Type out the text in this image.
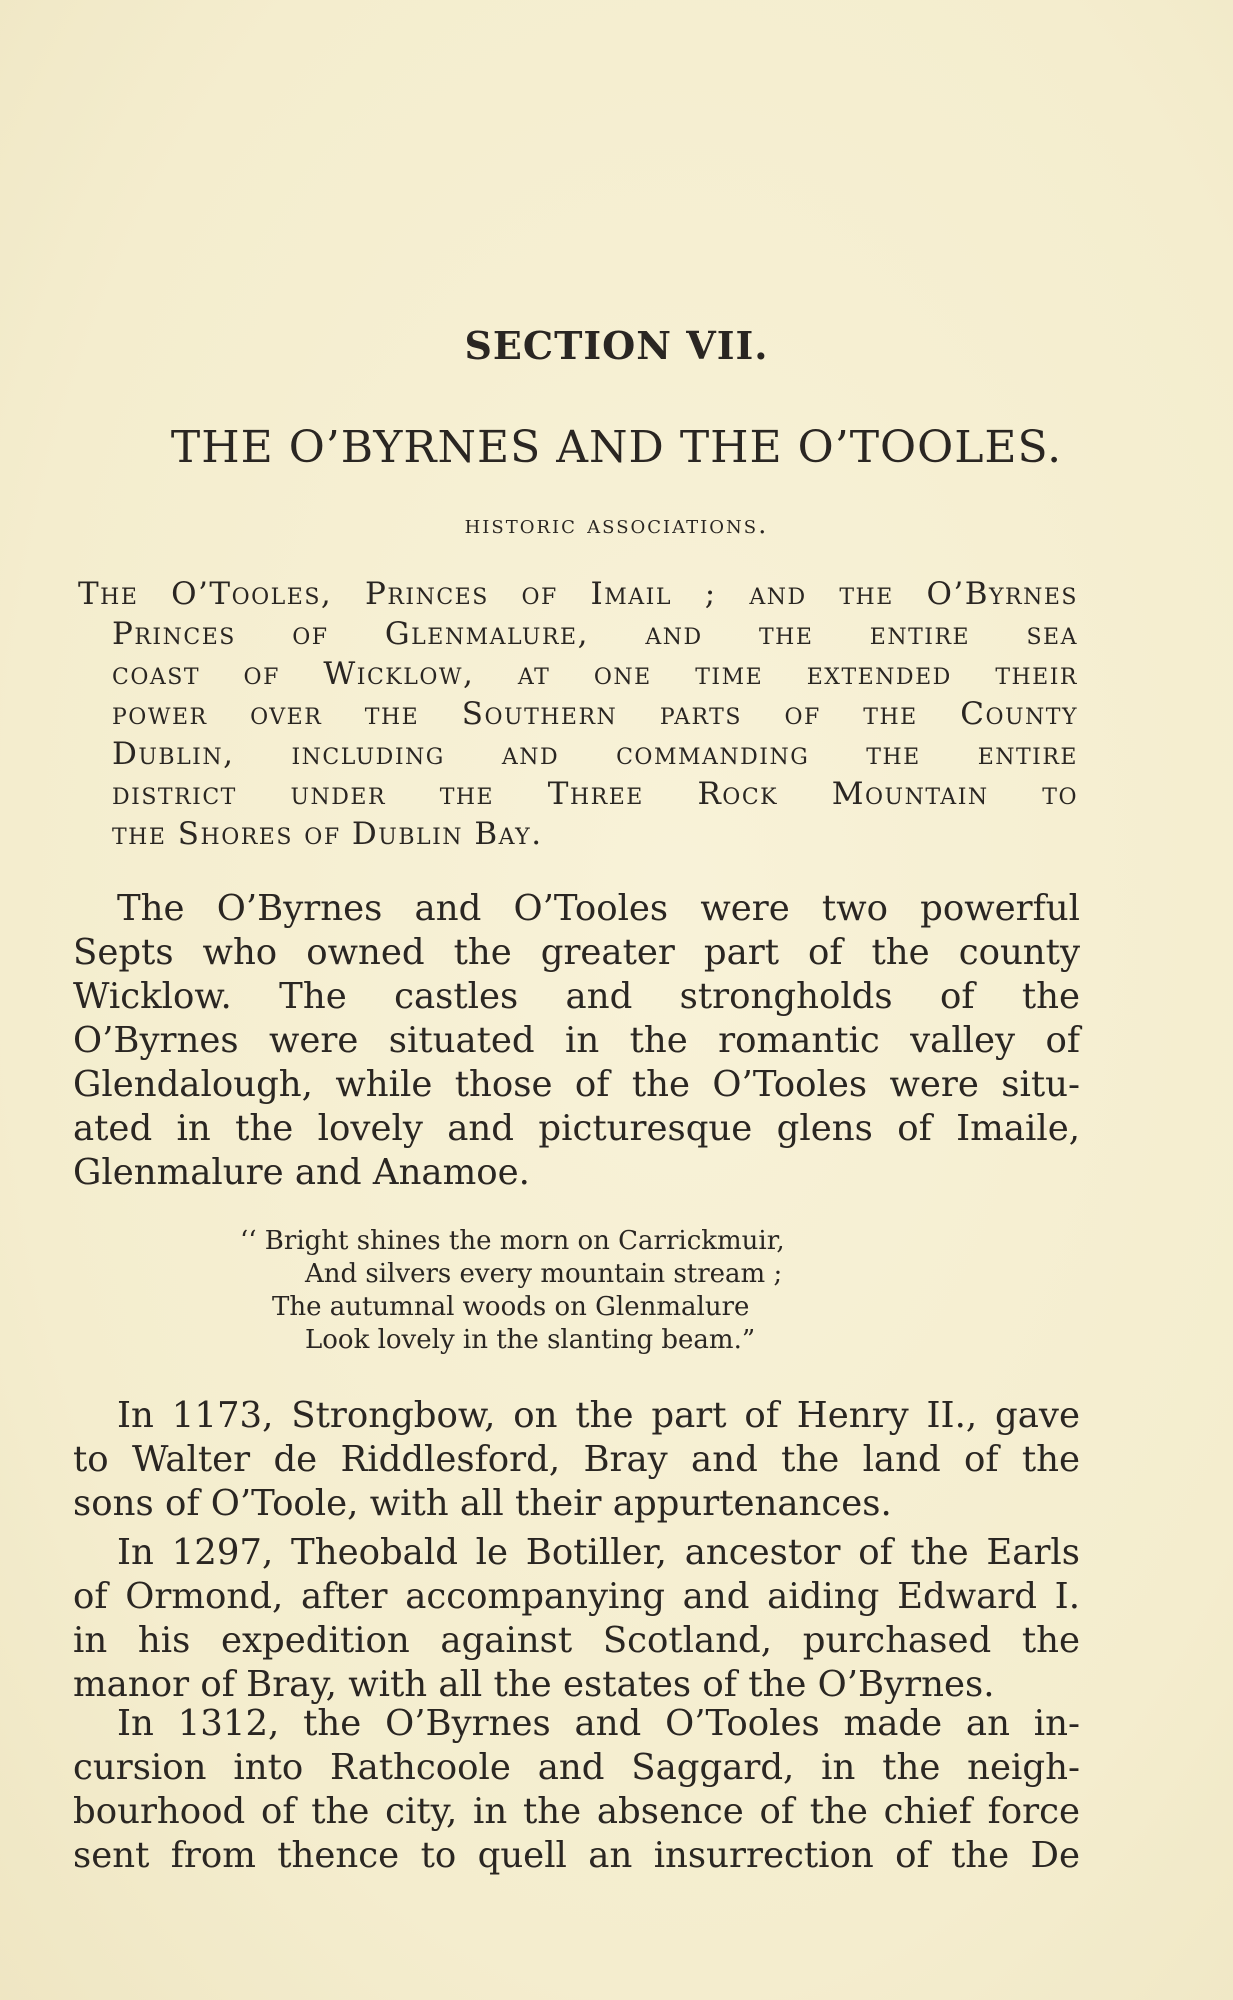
SECTION VII.
THE O’BYRNES AND THE O’TOOLES.
historic associations.

The O’Tooles, Princes of Imail ; and the O’Byrnes
Princes of Glenmalure, and the entire sea
coast of Wicklow, at one time extended their
power over the Southern parts of the County
Dublin, including and commanding the entire
district under the Three Rock Mountain to
the Shores of Dublin Bay.

The O’Byrnes and O’Tooles were two powerful
Septs who owned the greater part of the county
Wicklow. The castles and strongholds of the
O’Byrnes were situated in the romantic valley of
Glendalough, while those of the O’Tooles were situ-
ated in the lovely and picturesque glens of Imaile,
Glenmalure and Anamoe.

‘‘ Bright shines the morn on Carrickmuir,
And silvers every mountain stream ;
The autumnal woods on Glenmalure
Look lovely in the slanting beam.”

In 1173, Strongbow, on the part of Henry II., gave
to Walter de Riddlesford, Bray and the land of the
sons of O’Toole, with all their appurtenances.

In 1297, Theobald le Botiller, ancestor of the Earls
of Ormond, after accompanying and aiding Edward I.
in his expedition against Scotland, purchased the
manor of Bray, with all the estates of the O’Byrnes.

In 1312, the O’Byrnes and O’Tooles made an in-
cursion into Rathcoole and Saggard, in the neigh-
bourhood of the city, in the absence of the chief force
sent from thence to quell an insurrection of the De
